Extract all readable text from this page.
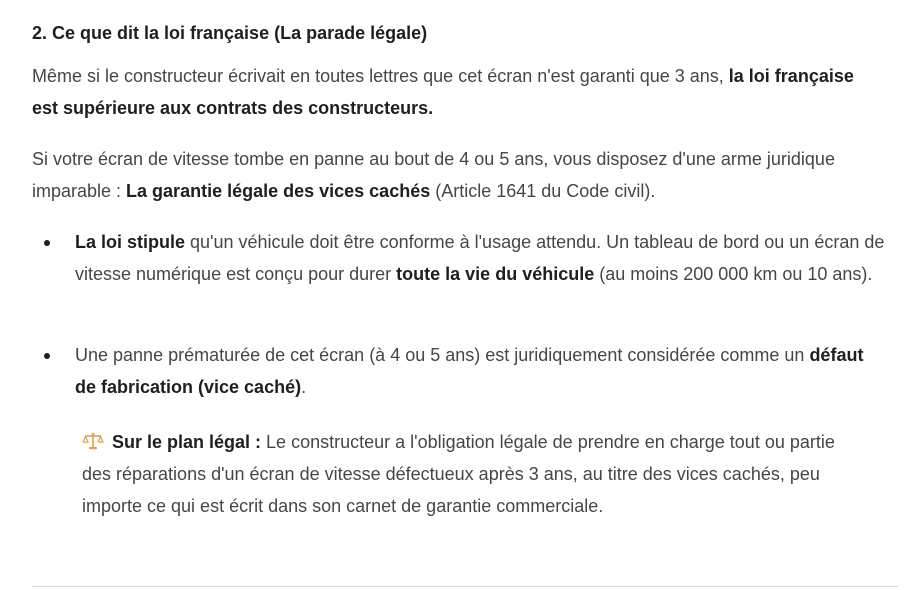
2. Ce que dit la loi française (La parade légale)
Même si le constructeur écrivait en toutes lettres que cet écran n'est garanti que 3 ans, la loi française est supérieure aux contrats des constructeurs.
Si votre écran de vitesse tombe en panne au bout de 4 ou 5 ans, vous disposez d'une arme juridique imparable : La garantie légale des vices cachés (Article 1641 du Code civil).
La loi stipule qu'un véhicule doit être conforme à l'usage attendu. Un tableau de bord ou un écran de vitesse numérique est conçu pour durer toute la vie du véhicule (au moins 200 000 km ou 10 ans).
Une panne prématurée de cet écran (à 4 ou 5 ans) est juridiquement considérée comme un défaut de fabrication (vice caché).
Sur le plan légal : Le constructeur a l'obligation légale de prendre en charge tout ou partie des réparations d'un écran de vitesse défectueux après 3 ans, au titre des vices cachés, peu importe ce qui est écrit dans son carnet de garantie commerciale.
